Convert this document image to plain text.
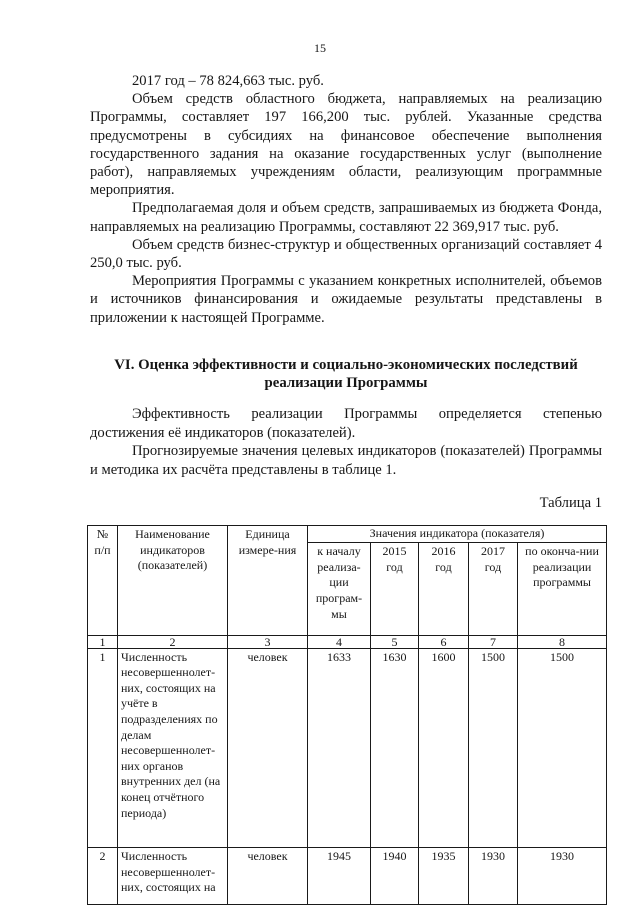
15

2017 год – 78 824,663 тыс. руб.

Объем средств областного бюджета, направляемых на реализацию Программы, составляет 197 166,200 тыс. рублей. Указанные средства предусмотрены в субсидиях на финансовое обеспечение выполнения государственного задания на оказание государственных услуг (выполнение работ), направляемых учреждениям области, реализующим программные мероприятия.

Предполагаемая доля и объем средств, запрашиваемых из бюджета Фонда, направляемых на реализацию Программы, составляют 22 369,917 тыс. руб.

Объем средств бизнес-структур и общественных организаций составляет 4 250,0 тыс. руб.

Мероприятия Программы с указанием конкретных исполнителей, объемов и источников финансирования и ожидаемые результаты представлены в приложении к настоящей Программе.

VI. Оценка эффективности и социально-экономических последствий
реализации Программы

Эффективность реализации Программы определяется степенью достижения её индикаторов (показателей).

Прогнозируемые значения целевых индикаторов (показателей) Программы и методика их расчёта представлены в таблице 1.

Таблица 1
№ п/п	Наименование индикаторов (показателей)	Единица измере-ния	Значения индикатора (показателя)				
			к началу реализа-ции програм-мы	2015 год	2016 год	2017 год	по оконча-нии реализации программы
1	2	3	4	5	6	7	8
1	Численность несовершеннолет-них, состоящих на учёте в подразделениях по делам несовершеннолет-них органов внутренних дел (на конец отчётного периода)	человек	1633	1630	1600	1500	1500
2	Численность несовершеннолет-них, состоящих на	человек	1945	1940	1935	1930	1930
